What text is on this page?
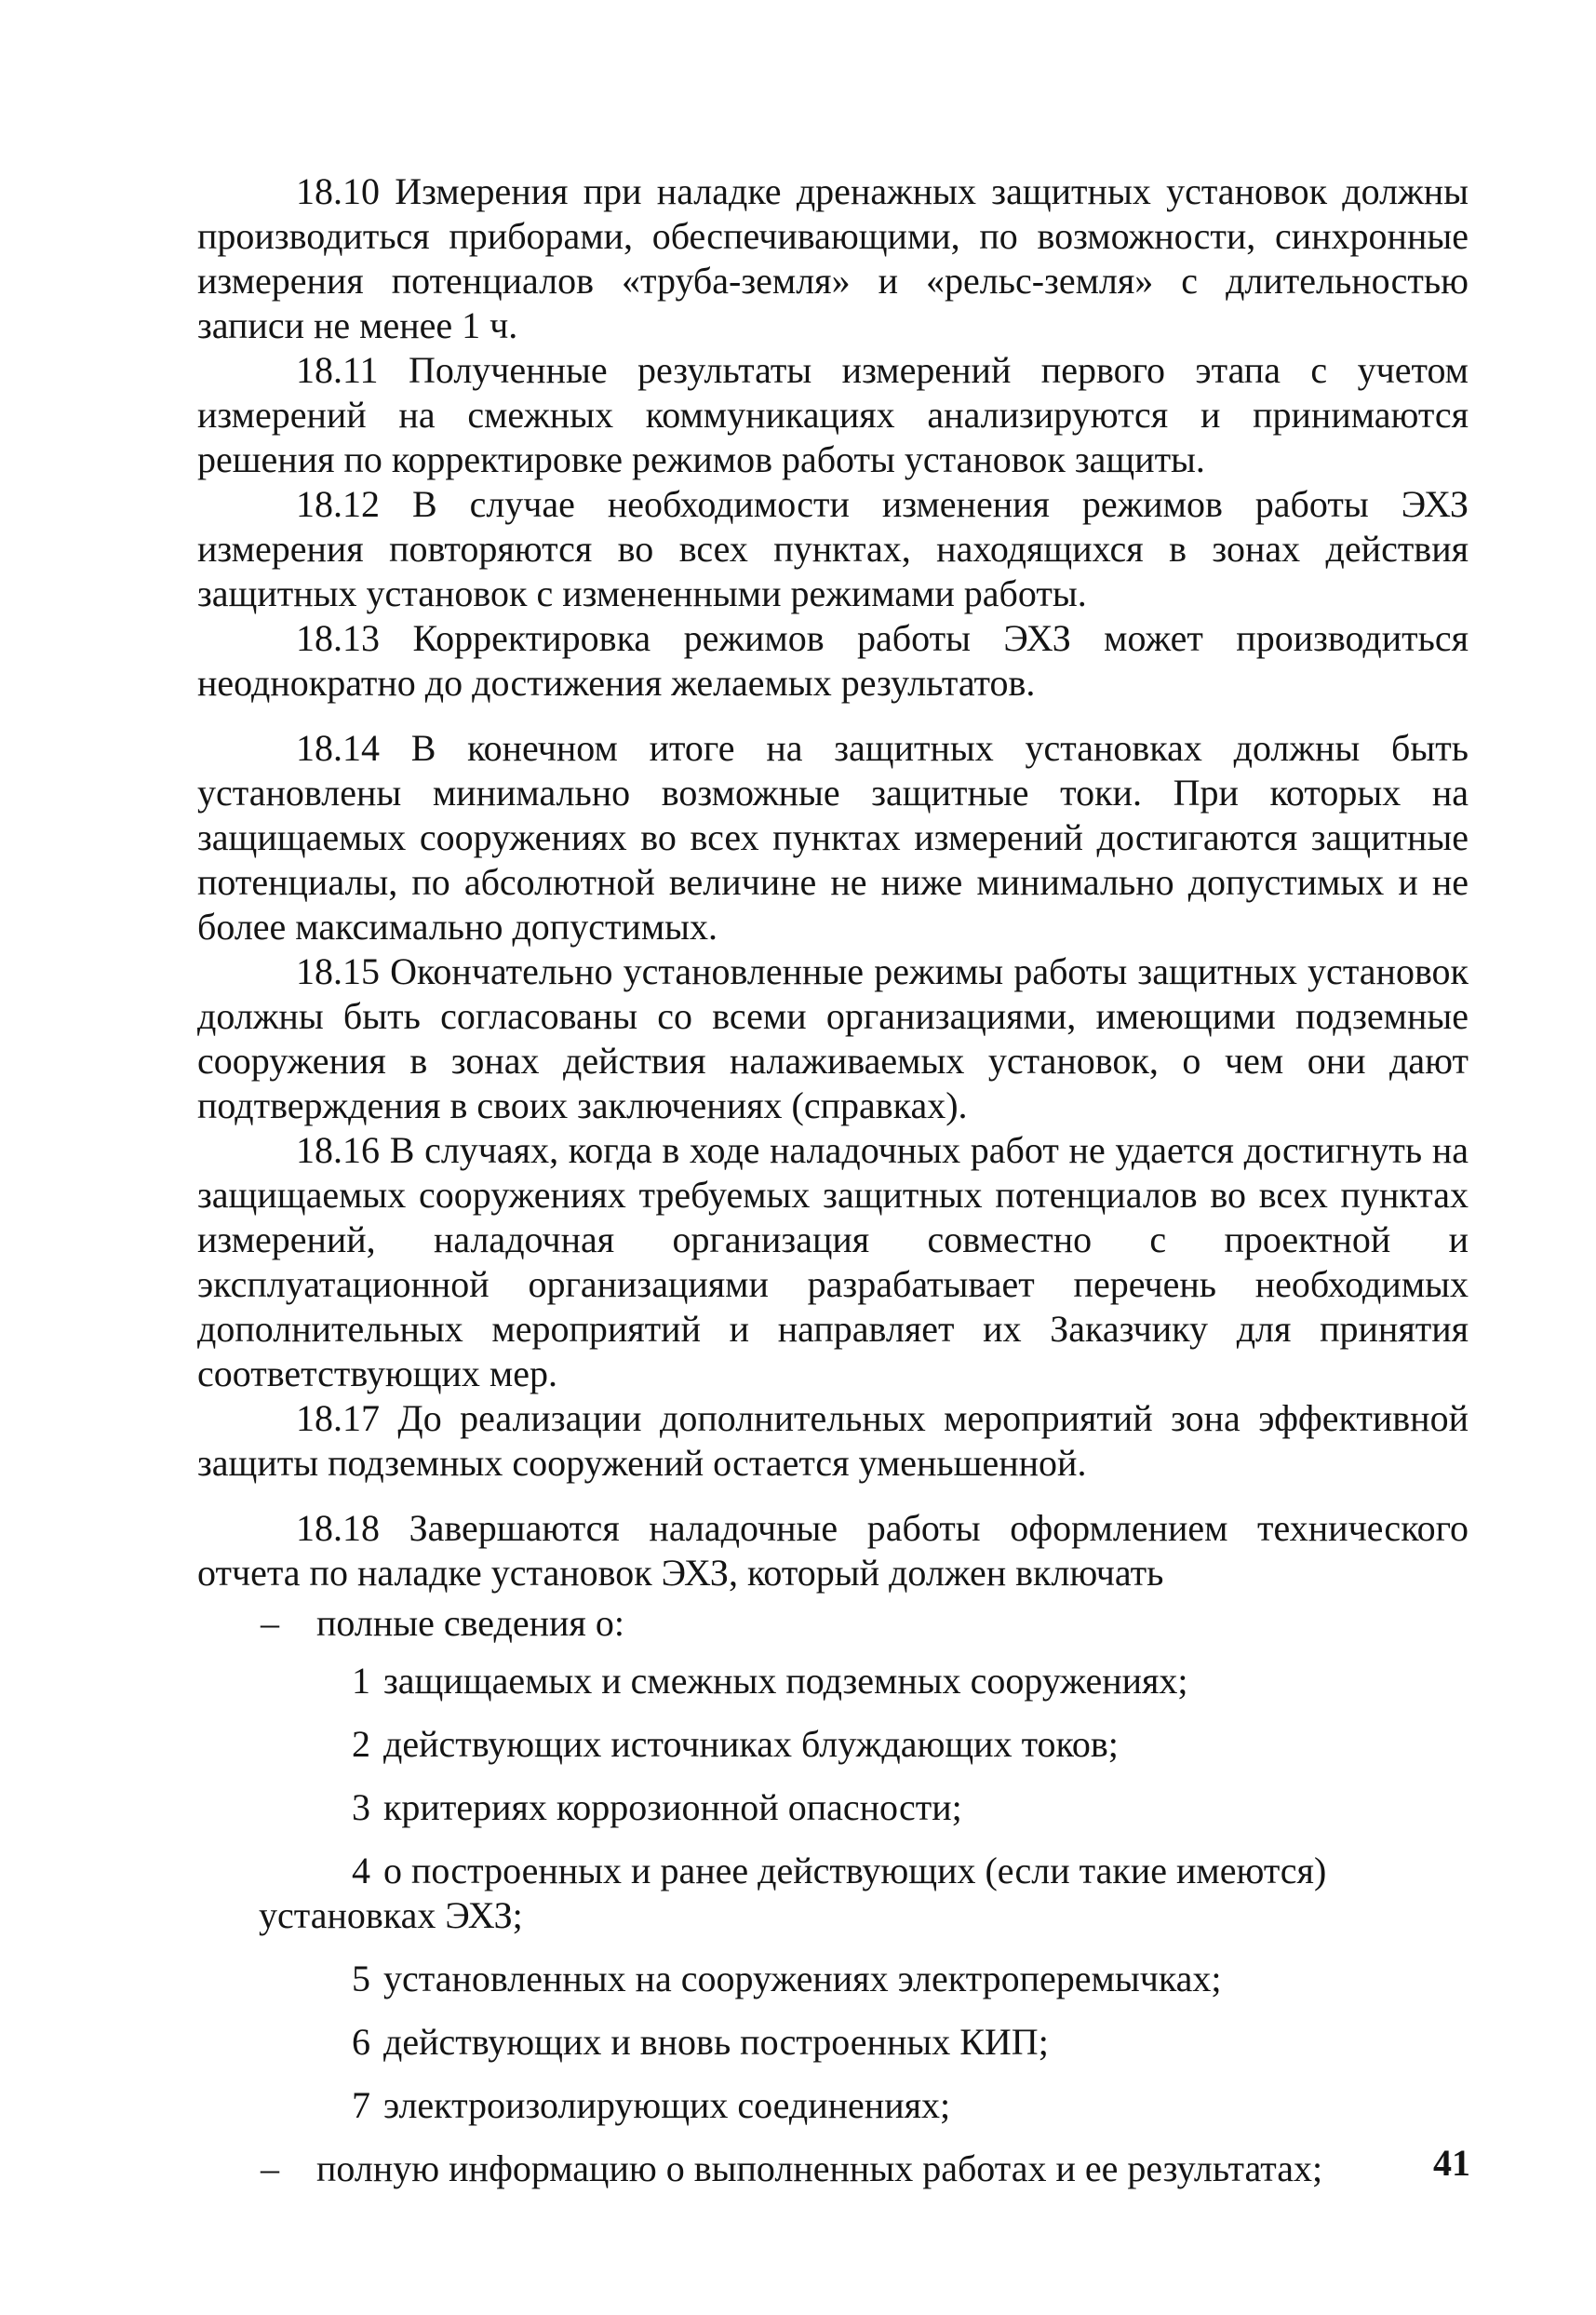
18.10 Измерения при наладке дренажных защитных установок должны производиться приборами, обеспечивающими, по возможности, синхронные измерения потенциалов «труба-земля» и «рельс-земля» с длительностью записи не менее 1 ч.

18.11 Полученные результаты измерений первого этапа с учетом измерений на смежных коммуникациях анализируются и принимаются решения по корректировке режимов работы установок защиты.

18.12 В случае необходимости изменения режимов работы ЭХЗ измерения повторяются во всех пунктах, находящихся в зонах действия защитных установок с измененными режимами работы.

18.13 Корректировка режимов работы ЭХЗ может производиться неоднократно до достижения желаемых результатов.

18.14 В конечном итоге на защитных установках должны быть установлены минимально возможные защитные токи. При которых на защищаемых сооружениях во всех пунктах измерений достигаются защитные потенциалы, по абсолютной величине не ниже минимально допустимых и не более максимально допустимых.

18.15 Окончательно установленные режимы работы защитных установок должны быть согласованы со всеми организациями, имеющими подземные сооружения в зонах действия налаживаемых установок, о чем они дают подтверждения в своих заключениях (справках).

18.16 В случаях, когда в ходе наладочных работ не удается достигнуть на защищаемых сооружениях требуемых защитных потенциалов во всех пунктах измерений, наладочная организация совместно с проектной и эксплуатационной организациями разрабатывает перечень необходимых дополнительных мероприятий и направляет их Заказчику для принятия соответствующих мер.

18.17 До реализации дополнительных мероприятий зона эффективной защиты подземных сооружений остается уменьшенной.

18.18 Завершаются наладочные работы оформлением технического отчета по наладке установок ЭХЗ, который должен включать

–	полные сведения о:
1 защищаемых и смежных подземных сооружениях;
2 действующих источниках блуждающих токов;
3 критериях коррозионной опасности;
4 о построенных и ранее действующих (если такие имеются) установках ЭХЗ;
5 установленных на сооружениях электроперемычках;
6 действующих и вновь построенных КИП;
7 электроизолирующих соединениях;
–	полную информацию о выполненных работах и ее результатах;	41
